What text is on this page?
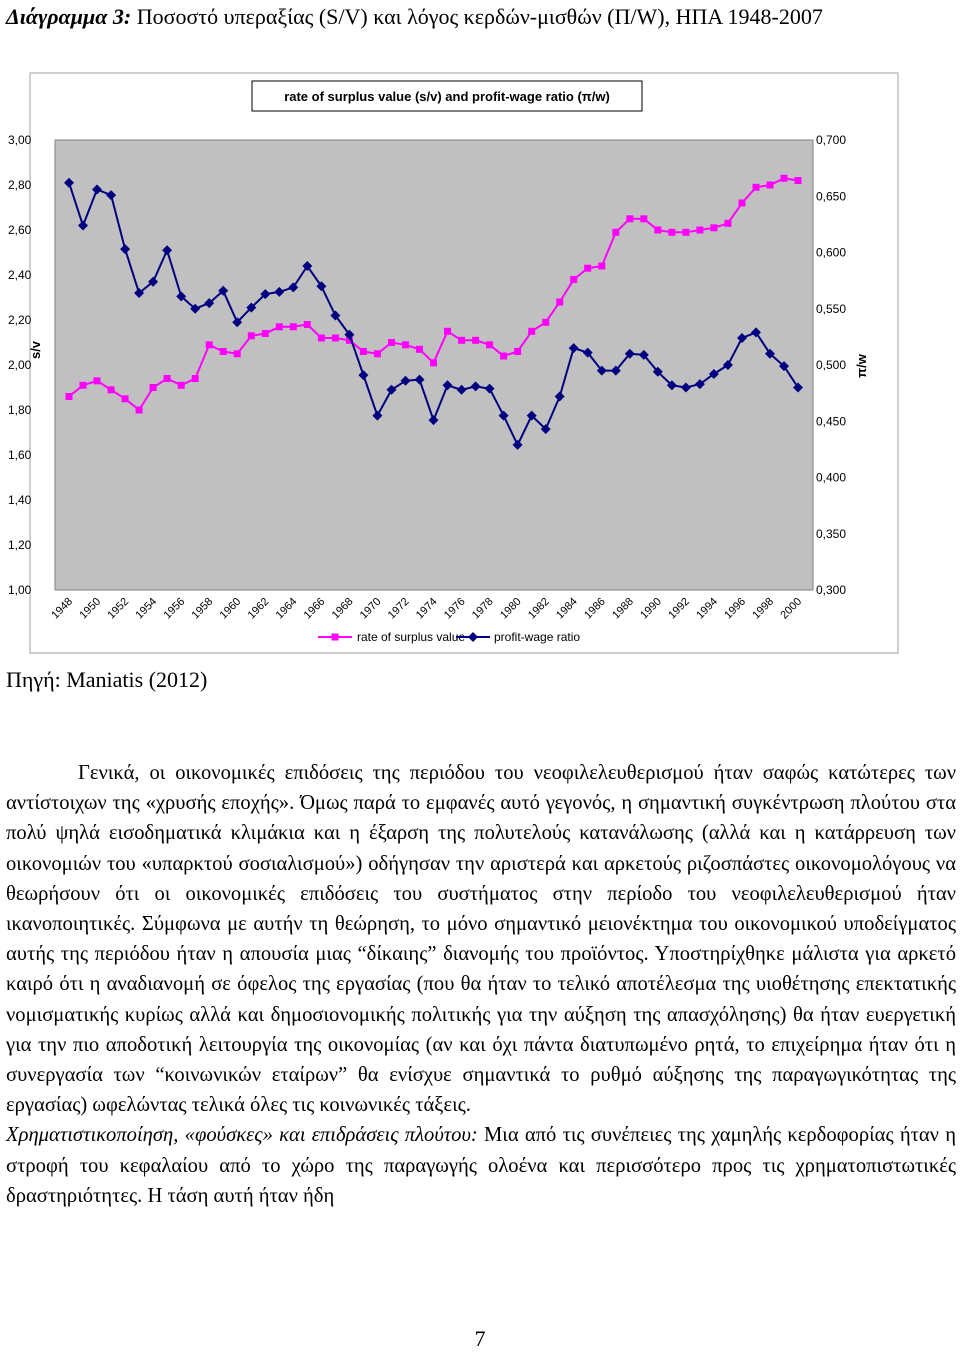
Διάγραμμα 3: Ποσοστό υπεραξίας (S/V) και λόγος κερδών-μισθών (Π/W), ΗΠΑ 1948-2007

rate of surplus value (s/v) and profit-wage ratio (π/w)
1,00
1,20
1,40
1,60
1,80
2,00
2,20
2,40
2,60
2,80
3,00
0,300
0,350
0,400
0,450
0,500
0,550
0,600
0,650
0,700
1948 1950 1952 1954 1956 1958 1960 1962 1964 1966 1968 1970 1972 1974 1976 1978 1980 1982 1984 1986 1988 1990 1992 1994 1996 1998 2000
s/v
π/w
rate of surplus value profit-wage ratio

Πηγή: Maniatis (2012)

Γενικά, οι οικονομικές επιδόσεις της περιόδου του νεοφιλελευθερισμού ήταν σαφώς κατώτερες των αντίστοιχων της «χρυσής εποχής». Όμως παρά το εμφανές αυτό γεγονός, η σημαντική συγκέντρωση πλούτου στα πολύ ψηλά εισοδηματικά κλιμάκια και η έξαρση της πολυτελούς κατανάλωσης (αλλά και η κατάρρευση των οικονομιών του «υπαρκτού σοσιαλισμού») οδήγησαν την αριστερά και αρκετούς ριζοσπάστες οικονομολόγους να θεωρήσουν ότι οι οικονομικές επιδόσεις του συστήματος στην περίοδο του νεοφιλελευθερισμού ήταν ικανοποιητικές. Σύμφωνα με αυτήν τη θεώρηση, το μόνο σημαντικό μειονέκτημα του οικονομικού υποδείγματος αυτής της περιόδου ήταν η απουσία μιας “δίκαιης” διανομής του προϊόντος. Υποστηρίχθηκε μάλιστα για αρκετό καιρό ότι η αναδιανομή σε όφελος της εργασίας (που θα ήταν το τελικό αποτέλεσμα της υιοθέτησης επεκτατικής νομισματικής κυρίως αλλά και δημοσιονομικής πολιτικής για την αύξηση της απασχόλησης) θα ήταν ευεργετική για την πιο αποδοτική λειτουργία της οικονομίας (αν και όχι πάντα διατυπωμένο ρητά, το επιχείρημα ήταν ότι η συνεργασία των “κοινωνικών εταίρων” θα ενίσχυε σημαντικά το ρυθμό αύξησης της παραγωγικότητας της εργασίας) ωφελώντας τελικά όλες τις κοινωνικές τάξεις.
Χρηματιστικοποίηση, «φούσκες» και επιδράσεις πλούτου: Μια από τις συνέπειες της χαμηλής κερδοφορίας ήταν η στροφή του κεφαλαίου από το χώρο της παραγωγής ολοένα και περισσότερο προς τις χρηματοπιστωτικές δραστηριότητες. Η τάση αυτή ήταν ήδη

7
